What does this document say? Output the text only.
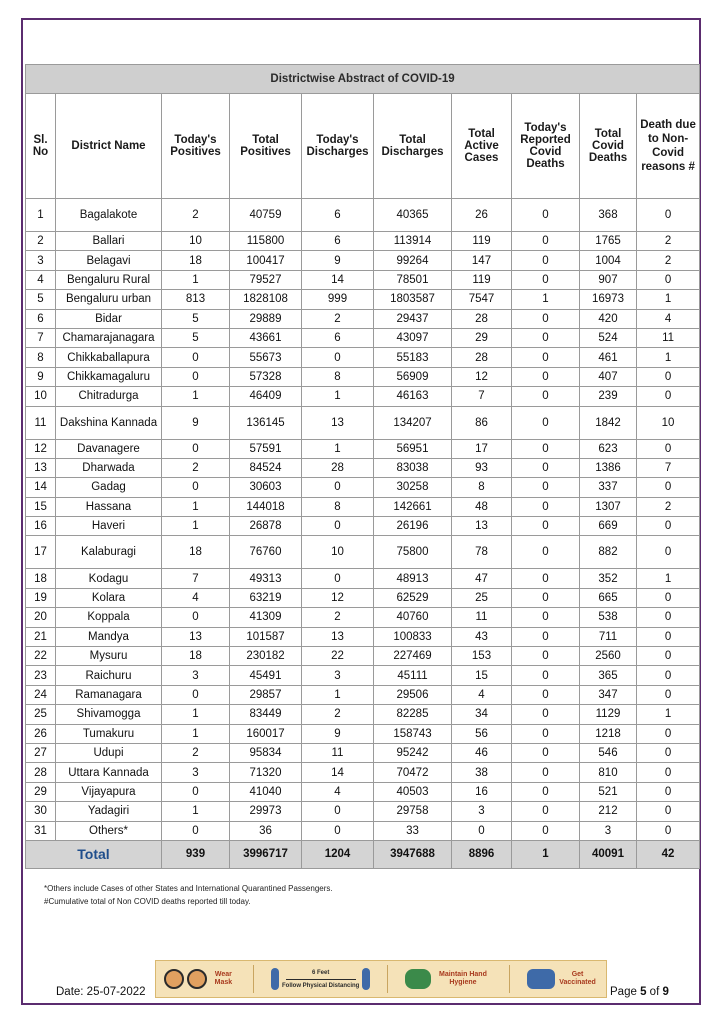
Districtwise Abstract of COVID-19									
Sl. No	District Name	Today's Positives	Total Positives	Today's Discharges	Total Discharges	Total Active Cases	Today's Reported Covid Deaths	Total Covid Deaths	Death due to Non-Covid reasons #
1	Bagalakote	2	40759	6	40365	26	0	368	0
2	Ballari	10	115800	6	113914	119	0	1765	2
3	Belagavi	18	100417	9	99264	147	0	1004	2
4	Bengaluru Rural	1	79527	14	78501	119	0	907	0
5	Bengaluru urban	813	1828108	999	1803587	7547	1	16973	1
6	Bidar	5	29889	2	29437	28	0	420	4
7	Chamarajanagara	5	43661	6	43097	29	0	524	11
8	Chikkaballapura	0	55673	0	55183	28	0	461	1
9	Chikkamagaluru	0	57328	8	56909	12	0	407	0
10	Chitradurga	1	46409	1	46163	7	0	239	0
11	Dakshina Kannada	9	136145	13	134207	86	0	1842	10
12	Davanagere	0	57591	1	56951	17	0	623	0
13	Dharwada	2	84524	28	83038	93	0	1386	7
14	Gadag	0	30603	0	30258	8	0	337	0
15	Hassana	1	144018	8	142661	48	0	1307	2
16	Haveri	1	26878	0	26196	13	0	669	0
17	Kalaburagi	18	76760	10	75800	78	0	882	0
18	Kodagu	7	49313	0	48913	47	0	352	1
19	Kolara	4	63219	12	62529	25	0	665	0
20	Koppala	0	41309	2	40760	11	0	538	0
21	Mandya	13	101587	13	100833	43	0	711	0
22	Mysuru	18	230182	22	227469	153	0	2560	0
23	Raichuru	3	45491	3	45111	15	0	365	0
24	Ramanagara	0	29857	1	29506	4	0	347	0
25	Shivamogga	1	83449	2	82285	34	0	1129	1
26	Tumakuru	1	160017	9	158743	56	0	1218	0
27	Udupi	2	95834	11	95242	46	0	546	0
28	Uttara Kannada	3	71320	14	70472	38	0	810	0
29	Vijayapura	0	41040	4	40503	16	0	521	0
30	Yadagiri	1	29973	0	29758	3	0	212	0
31	Others*	0	36	0	33	0	0	3	0
Total		939	3996717	1204	3947688	8896	1	40091	42
*Others include Cases of other States and International Quarantined Passengers.
#Cumulative total of Non COVID deaths reported till today.
Wear Mask
6 Feet
Follow Physical Distancing
Maintain Hand Hygiene
Get Vaccinated
Date: 25-07-2022	Page 5 of 9
